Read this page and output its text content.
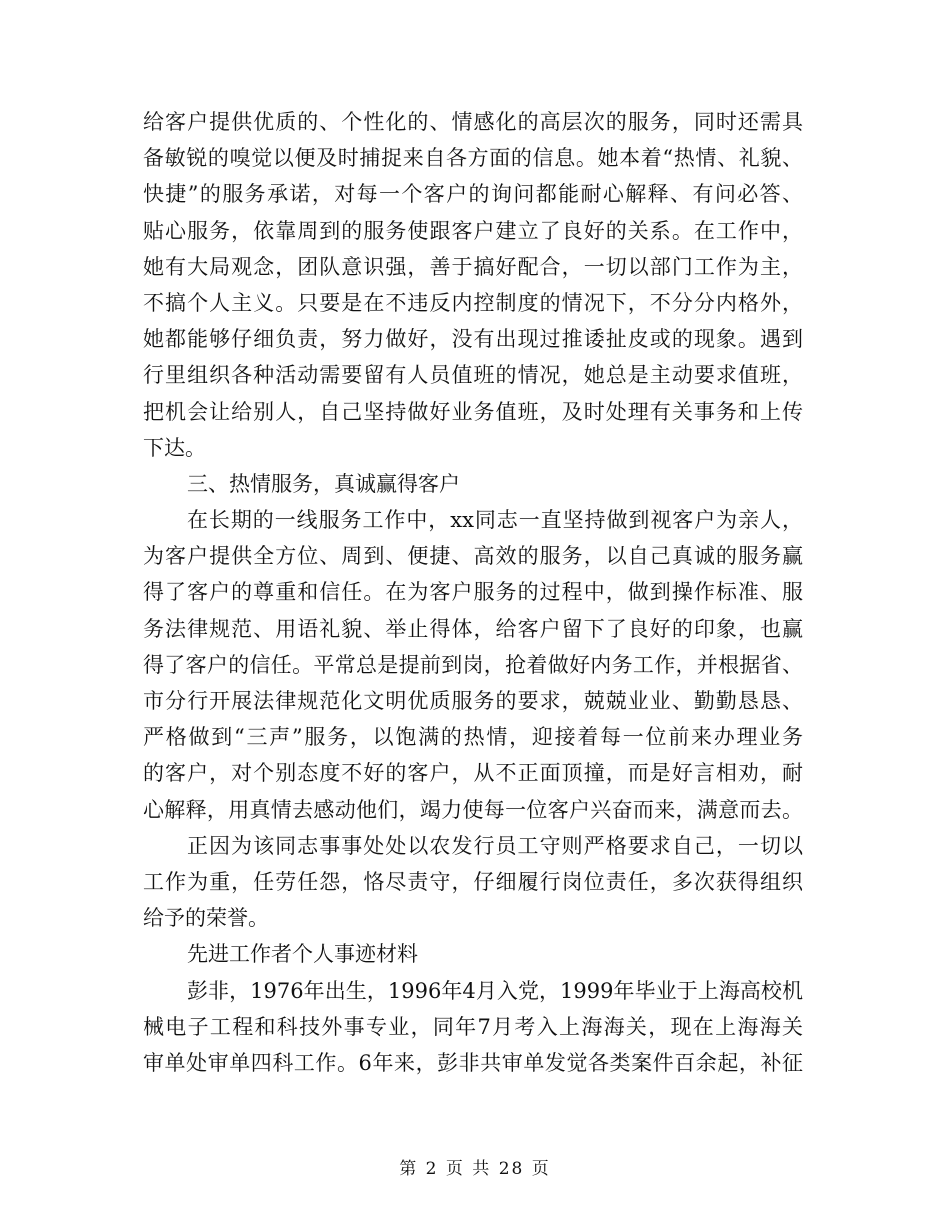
给客户提供优质的、个性化的、情感化的高层次的服务，同时还需具
备敏锐的嗅觉以便及时捕捉来自各方面的信息。她本着“热情、礼貌、
快捷”的服务承诺，对每一个客户的询问都能耐心解释、有问必答、
贴心服务，依靠周到的服务使跟客户建立了良好的关系。在工作中，
她有大局观念，团队意识强，善于搞好配合，一切以部门工作为主，
不搞个人主义。只要是在不违反内控制度的情况下，不分分内格外，
她都能够仔细负责，努力做好，没有出现过推诿扯皮或的现象。遇到
行里组织各种活动需要留有人员值班的情况，她总是主动要求值班，
把机会让给别人，自己坚持做好业务值班，及时处理有关事务和上传
下达。
三、热情服务，真诚赢得客户
在长期的一线服务工作中，xx同志一直坚持做到视客户为亲人，
为客户提供全方位、周到、便捷、高效的服务，以自己真诚的服务赢
得了客户的尊重和信任。在为客户服务的过程中，做到操作标准、服
务法律规范、用语礼貌、举止得体，给客户留下了良好的印象，也赢
得了客户的信任。平常总是提前到岗，抢着做好内务工作，并根据省、
市分行开展法律规范化文明优质服务的要求，兢兢业业、勤勤恳恳、
严格做到“三声”服务，以饱满的热情，迎接着每一位前来办理业务
的客户，对个别态度不好的客户，从不正面顶撞，而是好言相劝，耐
心解释，用真情去感动他们，竭力使每一位客户兴奋而来，满意而去。
正因为该同志事事处处以农发行员工守则严格要求自己，一切以
工作为重，任劳任怨，恪尽责守，仔细履行岗位责任，多次获得组织
给予的荣誉。
先进工作者个人事迹材料
彭非，1976年出生，1996年4月入党，1999年毕业于上海高校机
械电子工程和科技外事专业，同年7月考入上海海关，现在上海海关
审单处审单四科工作。6年来，彭非共审单发觉各类案件百余起，补征
第 2 页 共 28 页
